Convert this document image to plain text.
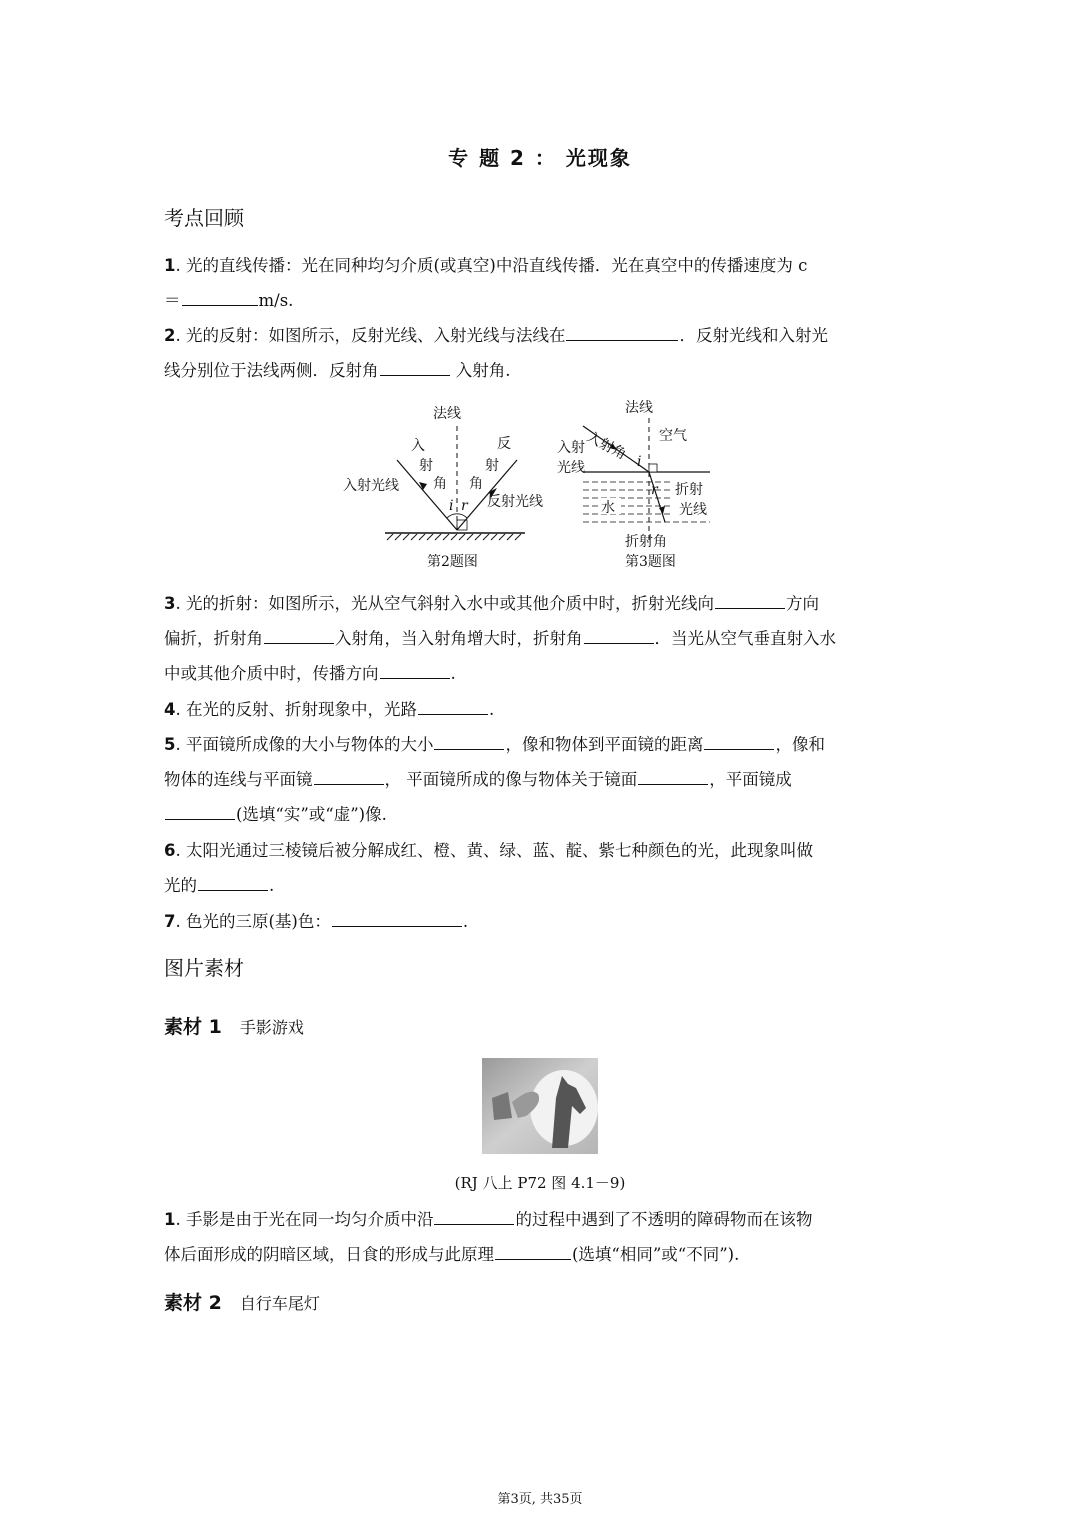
专 题 2 ： 光现象
考点回顾
1. 光的直线传播：光在同种均匀介质(或真空)中沿直线传播．光在真空中的传播速度为 c
＝	m/s.
2. 光的反射：如图所示，反射光线、入射光线与法线在	．反射光线和入射光
线分别位于法线两侧．反射角	入射角.
法线
入
射
角
入射光线
反
射
角
反射光线
i r
第2题图
法线
空气
入射角
入射
光线	i
r
水
折射
光线
折射角
第3题图
3. 光的折射：如图所示，光从空气斜射入水中或其他介质中时，折射光线向	方向
偏折，折射角	入射角，当入射角增大时，折射角	．当光从空气垂直射入水
中或其他介质中时，传播方向	.
4. 在光的反射、折射现象中，光路	.
5. 平面镜所成像的大小与物体的大小	，像和物体到平面镜的距离	，像和
物体的连线与平面镜	， 平面镜所成的像与物体关于镜面	，平面镜成
(选填“实”或“虚”)像.
6. 太阳光通过三棱镜后被分解成红、橙、黄、绿、蓝、靛、紫七种颜色的光，此现象叫做
光的	.
7. 色光的三原(基)色：	.
图片素材
素材 1 手影游戏
(RJ 八上 P72 图 4.1－9)
1. 手影是由于光在同一均匀介质中沿	的过程中遇到了不透明的障碍物而在该物
体后面形成的阴暗区域，日食的形成与此原理	(选填“相同”或“不同”).
素材 2 自行车尾灯
第3页, 共35页
